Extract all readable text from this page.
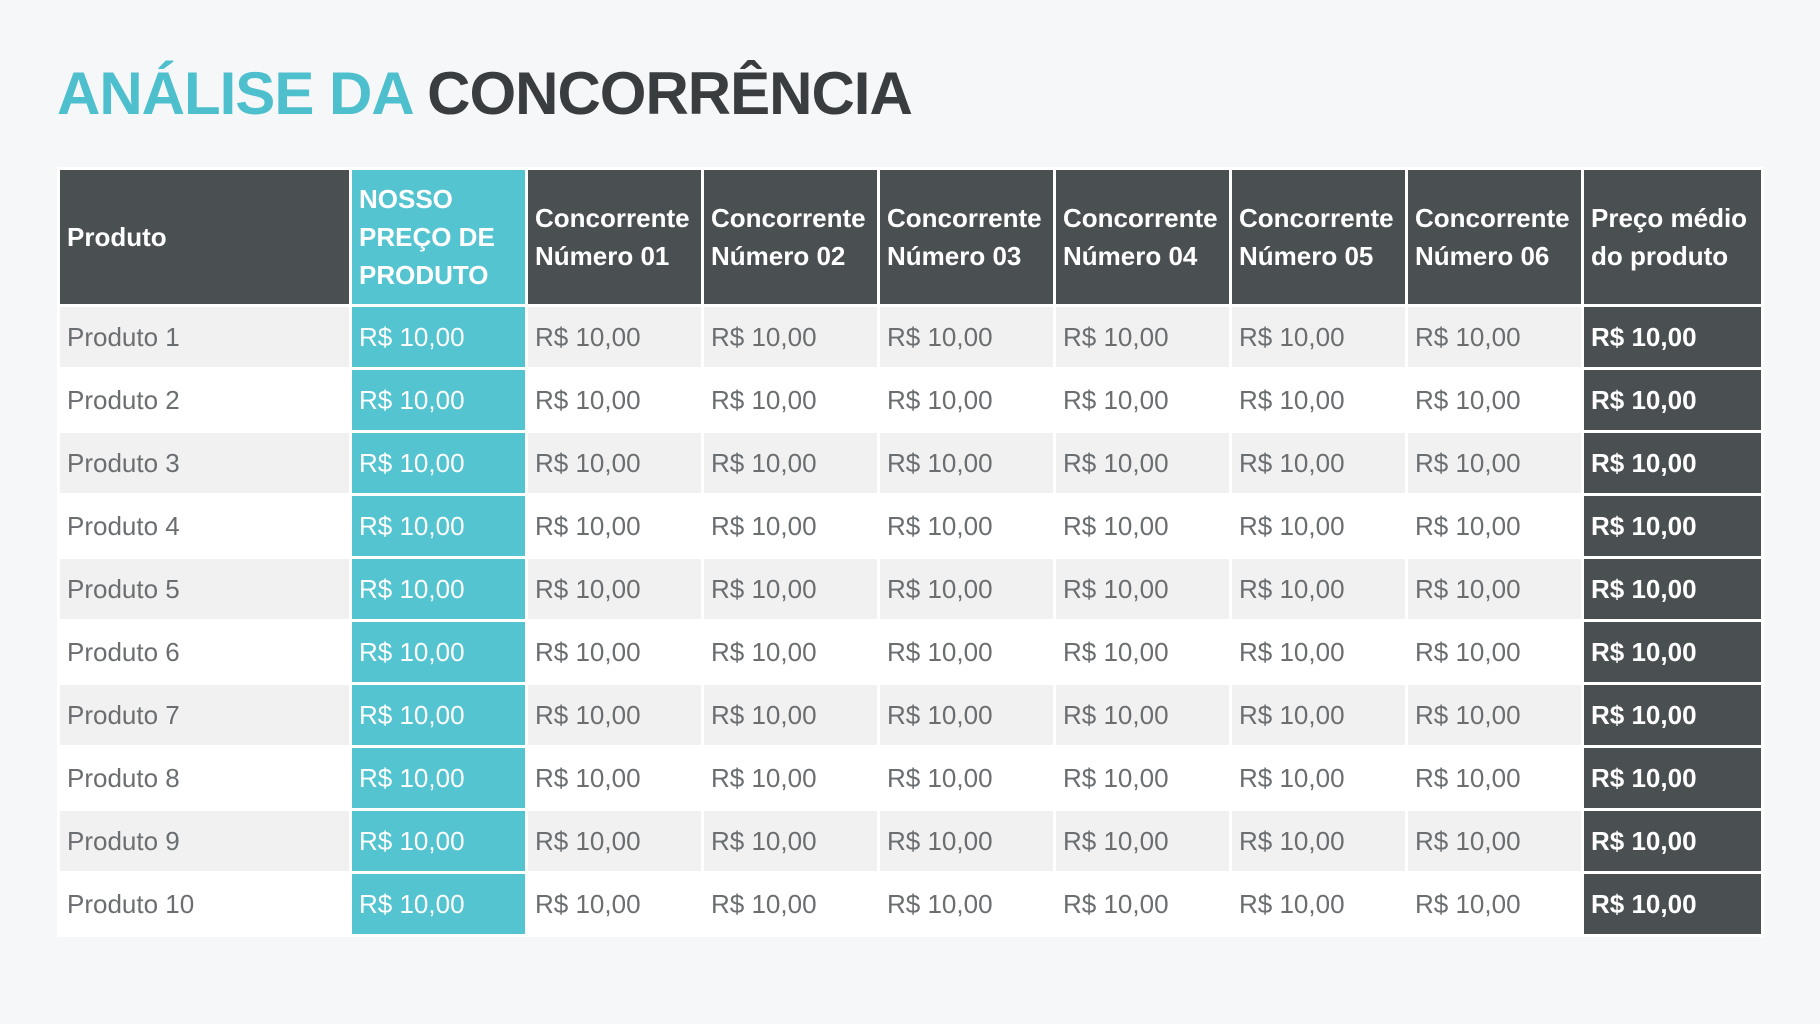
ANÁLISE DA CONCORRÊNCIA
Produto	NOSSO PREÇO DE PRODUTO	Concorrente Número 01	Concorrente Número 02	Concorrente Número 03	Concorrente Número 04	Concorrente Número 05	Concorrente Número 06	Preço médio do produto
Produto 1	R$ 10,00	R$ 10,00	R$ 10,00	R$ 10,00	R$ 10,00	R$ 10,00	R$ 10,00	R$ 10,00
Produto 2	R$ 10,00	R$ 10,00	R$ 10,00	R$ 10,00	R$ 10,00	R$ 10,00	R$ 10,00	R$ 10,00
Produto 3	R$ 10,00	R$ 10,00	R$ 10,00	R$ 10,00	R$ 10,00	R$ 10,00	R$ 10,00	R$ 10,00
Produto 4	R$ 10,00	R$ 10,00	R$ 10,00	R$ 10,00	R$ 10,00	R$ 10,00	R$ 10,00	R$ 10,00
Produto 5	R$ 10,00	R$ 10,00	R$ 10,00	R$ 10,00	R$ 10,00	R$ 10,00	R$ 10,00	R$ 10,00
Produto 6	R$ 10,00	R$ 10,00	R$ 10,00	R$ 10,00	R$ 10,00	R$ 10,00	R$ 10,00	R$ 10,00
Produto 7	R$ 10,00	R$ 10,00	R$ 10,00	R$ 10,00	R$ 10,00	R$ 10,00	R$ 10,00	R$ 10,00
Produto 8	R$ 10,00	R$ 10,00	R$ 10,00	R$ 10,00	R$ 10,00	R$ 10,00	R$ 10,00	R$ 10,00
Produto 9	R$ 10,00	R$ 10,00	R$ 10,00	R$ 10,00	R$ 10,00	R$ 10,00	R$ 10,00	R$ 10,00
Produto 10	R$ 10,00	R$ 10,00	R$ 10,00	R$ 10,00	R$ 10,00	R$ 10,00	R$ 10,00	R$ 10,00
